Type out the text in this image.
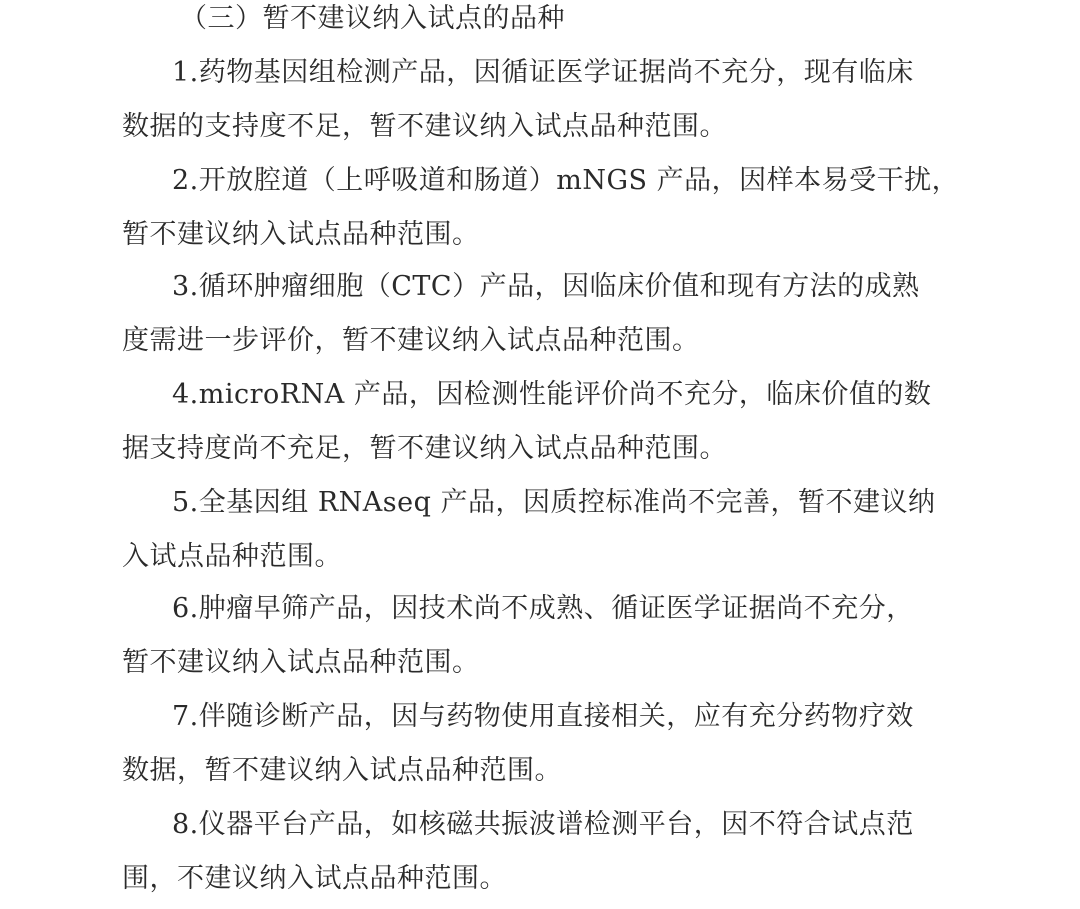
（三）暂不建议纳入试点的品种

1.药物基因组检测产品，因循证医学证据尚不充分，现有临床

数据的支持度不足，暂不建议纳入试点品种范围。

2.开放腔道（上呼吸道和肠道）mNGS 产品，因样本易受干扰，

暂不建议纳入试点品种范围。

3.循环肿瘤细胞（CTC）产品，因临床价值和现有方法的成熟

度需进一步评价，暂不建议纳入试点品种范围。

4.microRNA 产品，因检测性能评价尚不充分，临床价值的数

据支持度尚不充足，暂不建议纳入试点品种范围。

5.全基因组 RNAseq 产品，因质控标准尚不完善，暂不建议纳

入试点品种范围。

6.肿瘤早筛产品，因技术尚不成熟、循证医学证据尚不充分，

暂不建议纳入试点品种范围。

7.伴随诊断产品，因与药物使用直接相关，应有充分药物疗效

数据，暂不建议纳入试点品种范围。

8.仪器平台产品，如核磁共振波谱检测平台，因不符合试点范

围，不建议纳入试点品种范围。
